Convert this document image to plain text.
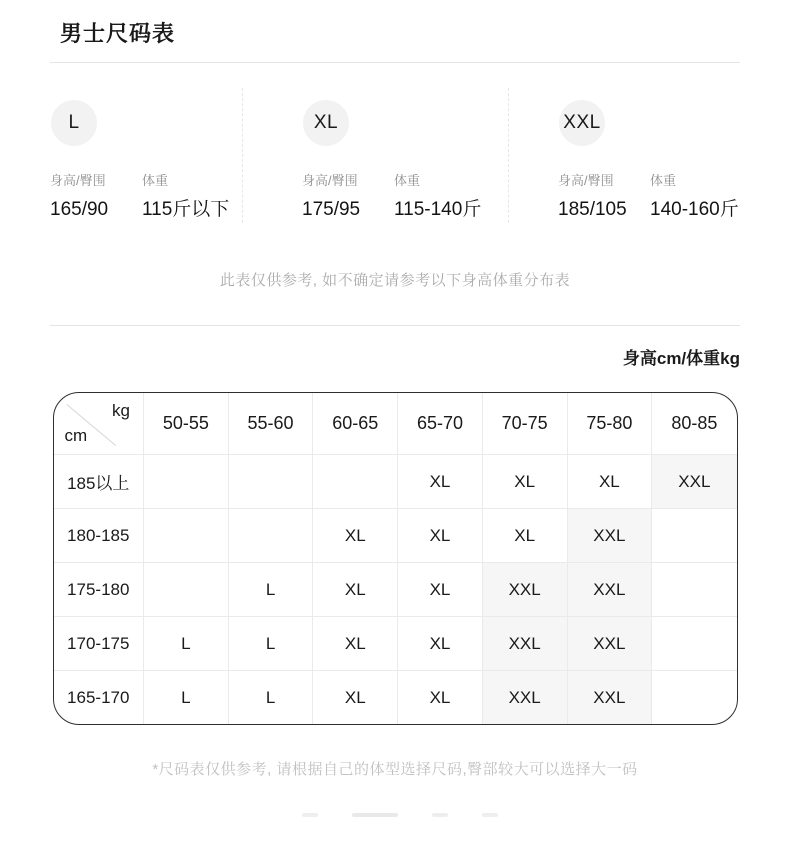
男士尺码表
L
身高/臀围	体重
165/90	115斤以下
XL
身高/臀围	体重
175/95	115-140斤
XXL
身高/臀围	体重
185/105	140-160斤
此表仅供参考, 如不确定请参考以下身高体重分布表
身高cm/体重kg
kg
cm	50-55	55-60	60-65	65-70	70-75	75-80	80-85
185以上				XL	XL	XL	XXL
180-185			XL	XL	XL	XXL	
175-180		L	XL	XL	XXL	XXL	
170-175	L	L	XL	XL	XXL	XXL	
165-170	L	L	XL	XL	XXL	XXL	
*尺码表仅供参考, 请根据自己的体型选择尺码,臀部较大可以选择大一码
